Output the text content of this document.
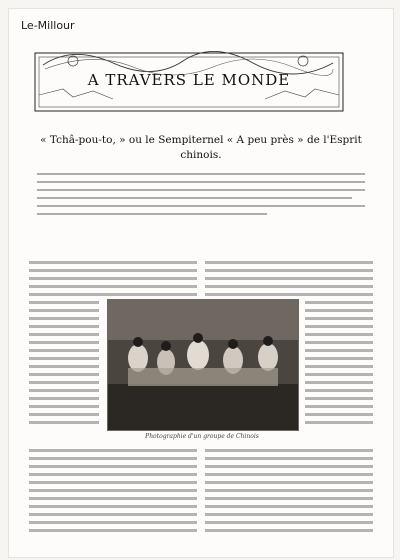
Le-Millour
A TRAVERS LE MONDE
« Tchâ-pou-to, » ou le Sempiternel « A peu près » de l'Esprit chinois.
Photographie d'un groupe de Chinois
